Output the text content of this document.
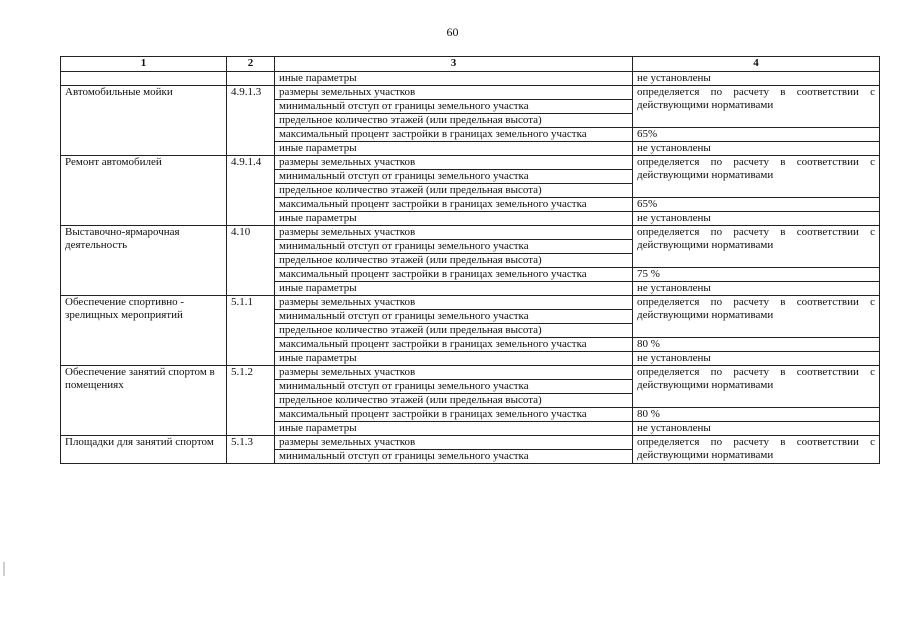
60
1	2	3	4
		иные параметры	не установлены
Автомобильные мойки	4.9.1.3	размеры земельных участков	определяется по расчету в соответствии с действующими нормативами
		минимальный отступ от границы земельного участка	
		предельное количество этажей (или предельная высота)	
		максимальный процент застройки в границах земельного участка	65%
		иные параметры	не установлены
Ремонт автомобилей	4.9.1.4	размеры земельных участков	определяется по расчету в соответствии с действующими нормативами
		минимальный отступ от границы земельного участка	
		предельное количество этажей (или предельная высота)	
		максимальный процент застройки в границах земельного участка	65%
		иные параметры	не установлены
Выставочно-ярмарочная деятельность	4.10	размеры земельных участков	определяется по расчету в соответствии с действующими нормативами
		минимальный отступ от границы земельного участка	
		предельное количество этажей (или предельная высота)	
		максимальный процент застройки в границах земельного участка	75 %
		иные параметры	не установлены
Обеспечение спортивно - зрелищных мероприятий	5.1.1	размеры земельных участков	определяется по расчету в соответствии с действующими нормативами
		минимальный отступ от границы земельного участка	
		предельное количество этажей (или предельная высота)	
		максимальный процент застройки в границах земельного участка	80 %
		иные параметры	не установлены
Обеспечение занятий спортом в помещениях	5.1.2	размеры земельных участков	определяется по расчету в соответствии с действующими нормативами
		минимальный отступ от границы земельного участка	
		предельное количество этажей (или предельная высота)	
		максимальный процент застройки в границах земельного участка	80 %
		иные параметры	не установлены
Площадки для занятий спортом	5.1.3	размеры земельных участков	определяется по расчету в соответствии с действующими нормативами
		минимальный отступ от границы земельного участка	
